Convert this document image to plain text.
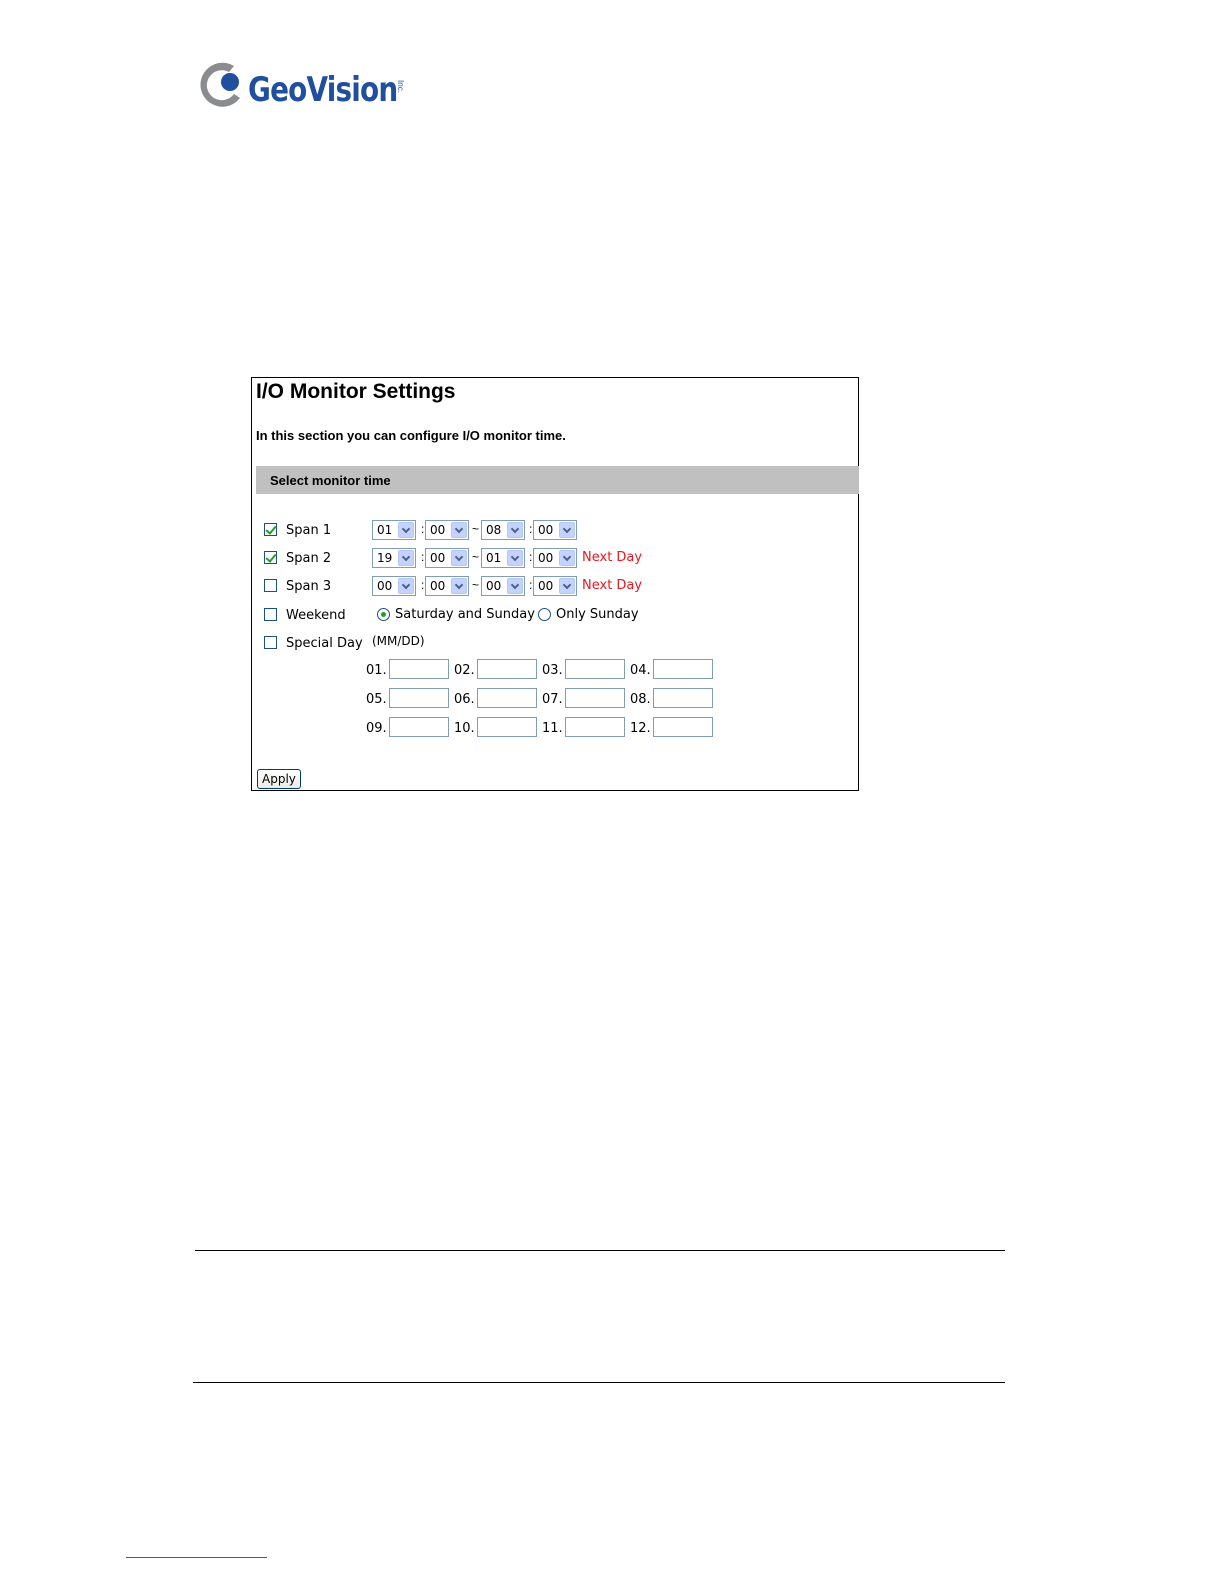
GeoVision
Inc.
I/O Monitor Settings
In this section you can configure I/O monitor time.
Select monitor time
Span 1	01 : 00 ~ 08 : 00
Span 2	19 : 00 ~ 01 : 00 Next Day
Span 3	00 : 00 ~ 00 : 00 Next Day
Weekend	Saturday and Sunday Only Sunday
Special Day (MM/DD)
01.	02.	03.	04.
05.	06.	07.	08.
09.	10.	11.	12.
Apply
